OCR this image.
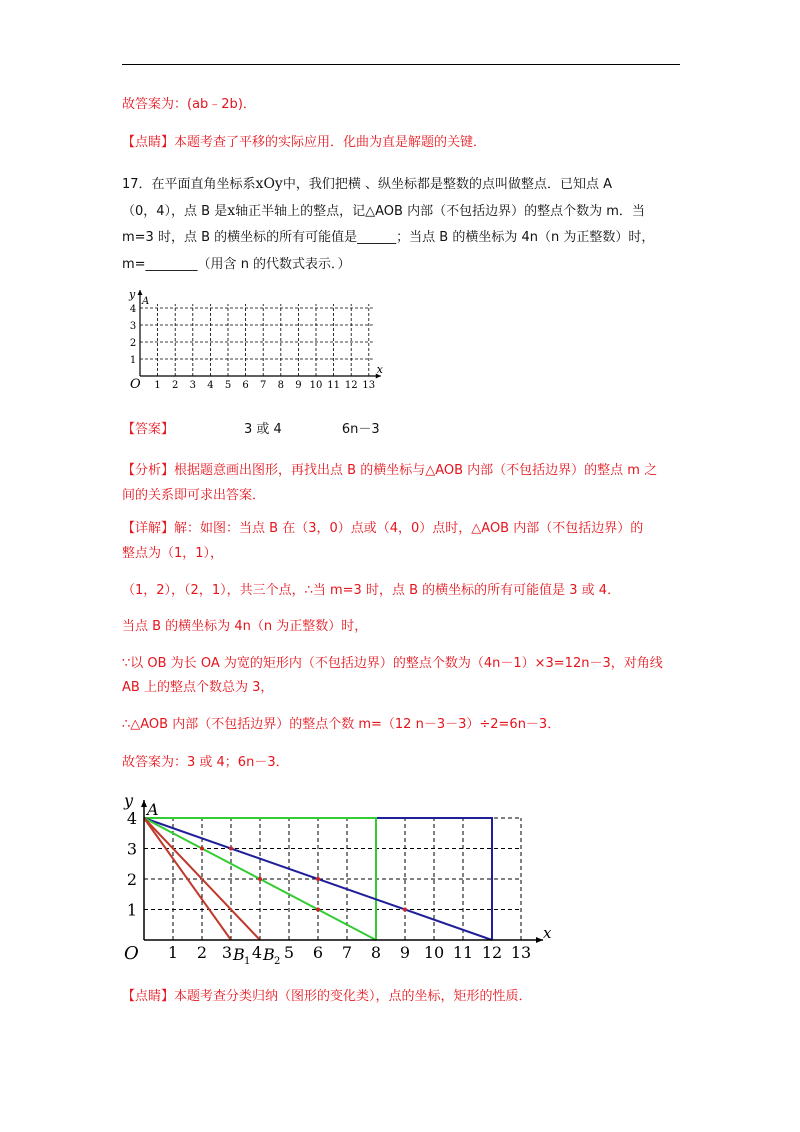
故答案为：(ab﹣2b)．
【点睛】本题考查了平移的实际应用．化曲为直是解题的关键．
17．在平面直角坐标系xOy中，我们把横 、纵坐标都是整数的点叫做整点．已知点 A
（0，4），点 B 是x轴正半轴上的整点，记△AOB 内部（不包括边界）的整点个数为 m．当
m=3 时，点 B 的横坐标的所有可能值是______；当点 B 的横坐标为 4n（n 为正整数）时，
m=________（用含 n 的代数式表示．）
1 2 3 4 5 6 7 8 9 10 11 12 13
1
2
3
4
O
x
y
A
【答案】	3 或 4	6n－3
【分析】根据题意画出图形，再找出点 B 的横坐标与△AOB 内部（不包括边界）的整点 m 之
间的关系即可求出答案．
【详解】解：如图：当点 B 在（3，0）点或（4，0）点时，△AOB 内部（不包括边界）的
整点为（1，1），
（1，2），（2，1），共三个点，∴当 m=3 时，点 B 的横坐标的所有可能值是 3 或 4．
当点 B 的横坐标为 4n（n 为正整数）时，
∵以 OB 为长 OA 为宽的矩形内（不包括边界）的整点个数为（4n－1）×3=12n－3，对角线
AB 上的整点个数总为 3，
∴△AOB 内部（不包括边界）的整点个数 m=（12 n－3－3）÷2=6n－3．
故答案为：3 或 4；6n－3．
1 2	5 6 7 8 9 10 11 12 13
3 4
B 1 B 2
1
2
3
4
O
x
y A
【点睛】本题考查分类归纳（图形的变化类），点的坐标，矩形的性质．
